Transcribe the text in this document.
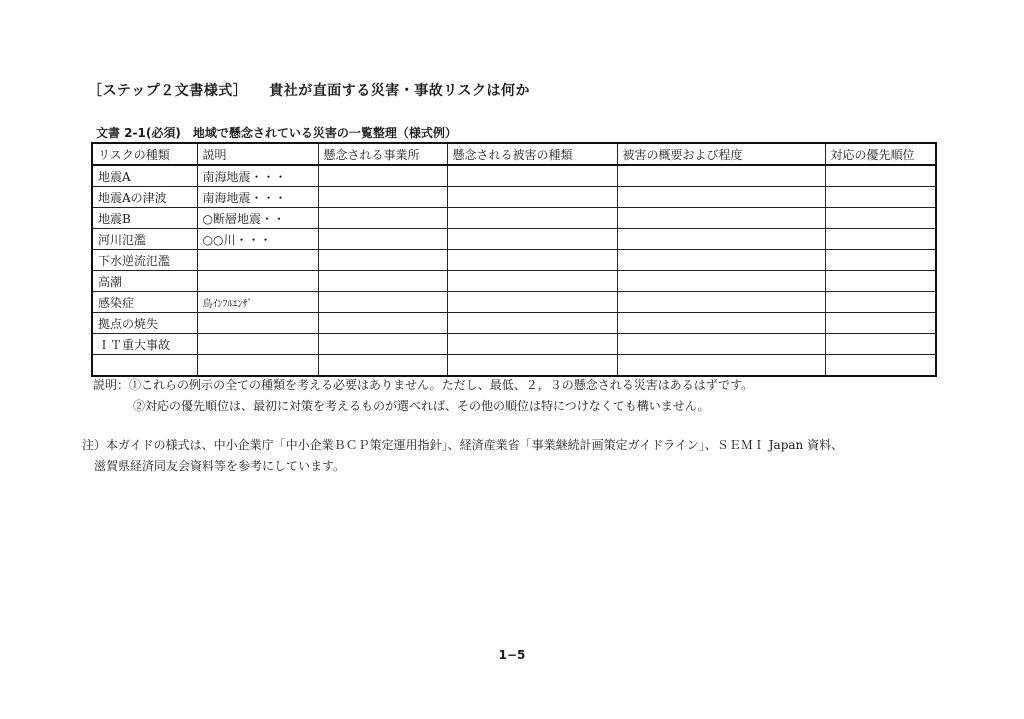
［ステップ２文書様式］ 貴社が直面する災害・事故リスクは何か
文書 2-1(必須) 地域で懸念されている災害の一覧整理（様式例）
リスクの種類	説明	懸念される事業所	懸念される被害の種類	被害の概要および程度	対応の優先順位
地震A	南海地震・・・				
地震Aの津波	南海地震・・・				
地震B	○断層地震・・				
河川氾濫	○○川・・・				
下水逆流氾濫					
高潮					
感染症	鳥ｲﾝﾌﾙｴﾝｻﾞ				
拠点の焼失					
ＩＴ重大事故					

説明：①これらの例示の全ての種類を考える必要はありません。ただし、最低、２，３の懸念される災害はあるはずです。
②対応の優先順位は、最初に対策を考えるものが選べれば、その他の順位は特につけなくても構いません。
注）本ガイドの様式は、中小企業庁「中小企業ＢＣＰ策定運用指針」、経済産業省「事業継続計画策定ガイドライン」、ＳＥＭＩ Japan 資料、
滋賀県経済同友会資料等を参考にしています。
1−5
